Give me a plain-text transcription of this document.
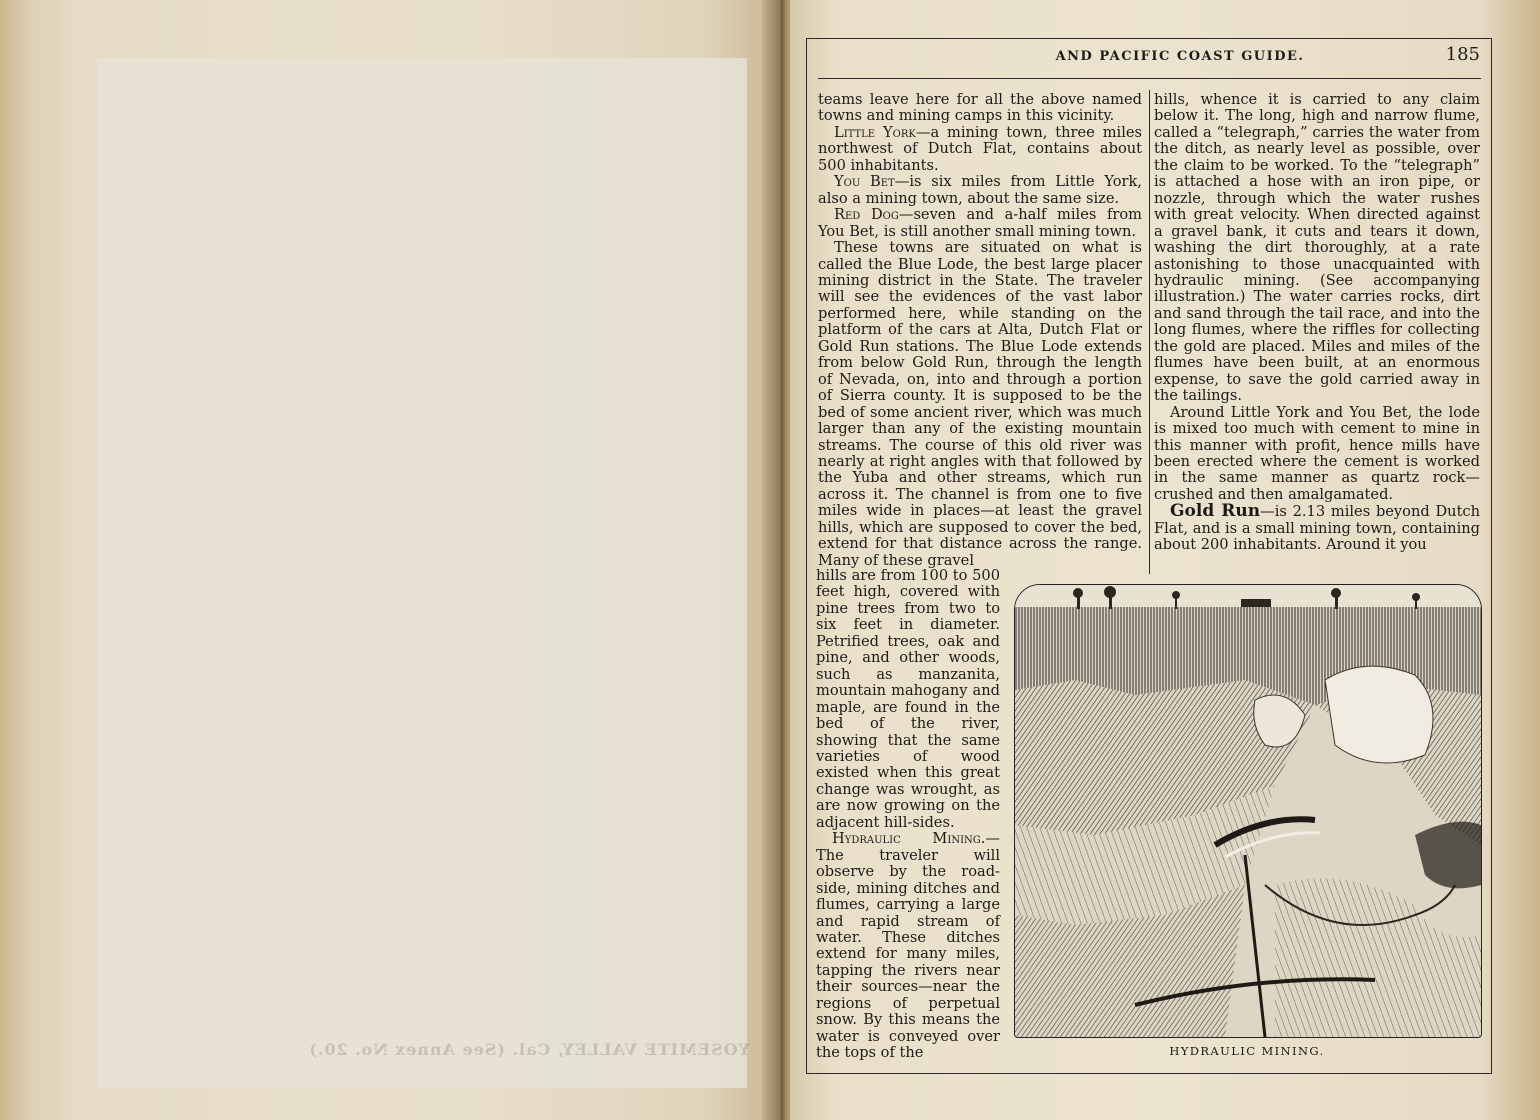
YOSEMITE VALLEY, Cal. (See Annex No. 20.)
AND PACIFIC COAST GUIDE.	185

teams leave here for all the above named towns and mining camps in this vicinity.

Little York—a mining town, three miles northwest of Dutch Flat, contains about 500 inhabitants.

You Bet—is six miles from Little York, also a mining town, about the same size.

Red Dog—seven and a-half miles from You Bet, is still another small mining town.

These towns are situated on what is called the Blue Lode, the best large placer mining district in the State. The traveler will see the evidences of the vast labor performed here, while standing on the platform of the cars at Alta, Dutch Flat or Gold Run stations. The Blue Lode extends from below Gold Run, through the length of Nevada, on, into and through a portion of Sierra county. It is supposed to be the bed of some ancient river, which was much larger than any of the existing mountain streams. The course of this old river was nearly at right angles with that followed by the Yuba and other streams, which run across it. The channel is from one to five miles wide in places—at least the gravel hills, which are supposed to cover the bed, extend for that distance across the range. Many of these gravel

hills are from 100 to 500 feet high, covered with pine trees from two to six feet in diameter. Petrified trees, oak and pine, and other woods, such as manzanita, mountain mahogany and maple, are found in the bed of the river, showing that the same varieties of wood existed when this great change was wrought, as are now growing on the adjacent hill-sides.

Hydraulic Mining.—The traveler will observe by the road-side, mining ditches and flumes, carrying a large and rapid stream of water. These ditches extend for many miles, tapping the rivers near their sources—near the regions of perpetual snow. By this means the water is conveyed over the tops of the

hills, whence it is carried to any claim below it. The long, high and narrow flume, called a “telegraph,” carries the water from the ditch, as nearly level as possible, over the claim to be worked. To the “telegraph” is attached a hose with an iron pipe, or nozzle, through which the water rushes with great velocity. When directed against a gravel bank, it cuts and tears it down, washing the dirt thoroughly, at a rate astonishing to those unacquainted with hydraulic mining. (See accompanying illustration.) The water carries rocks, dirt and sand through the tail race, and into the long flumes, where the riffles for collecting the gold are placed. Miles and miles of the flumes have been built, at an enormous expense, to save the gold carried away in the tailings.

Around Little York and You Bet, the lode is mixed too much with cement to mine in this manner with profit, hence mills have been erected where the cement is worked in the same manner as quartz rock—crushed and then amalgamated.

Gold Run—is 2.13 miles beyond Dutch Flat, and is a small mining town, containing about 200 inhabitants. Around it you

HYDRAULIC MINING.
